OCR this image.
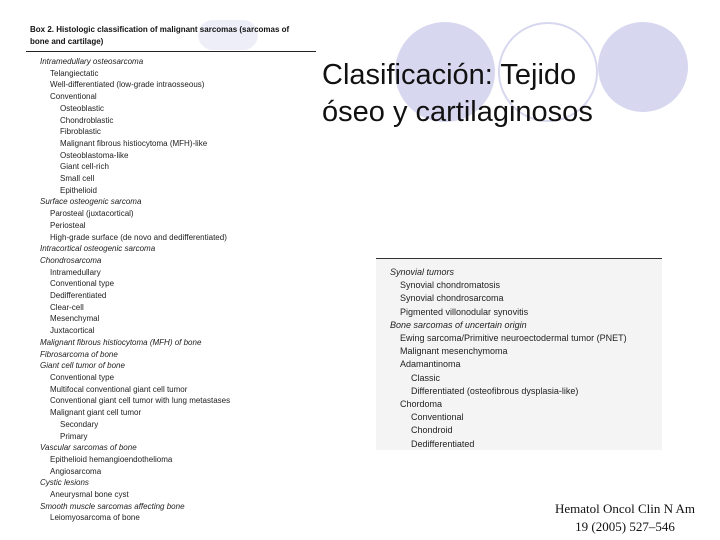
Box 2. Histologic classification of malignant sarcomas (sarcomas of bone and cartilage)
Intramedullary osteosarcoma
Telangiectatic
Well-differentiated (low-grade intraosseous)
Conventional
Osteoblastic
Chondroblastic
Fibroblastic
Malignant fibrous histiocytoma (MFH)-like
Osteoblastoma-like
Giant cell-rich
Small cell
Epithelioid
Surface osteogenic sarcoma
Parosteal (juxtacortical)
Periosteal
High-grade surface (de novo and dedifferentiated)
Intracortical osteogenic sarcoma
Chondrosarcoma
Intramedullary
Conventional type
Dedifferentiated
Clear-cell
Mesenchymal
Juxtacortical
Malignant fibrous histiocytoma (MFH) of bone
Fibrosarcoma of bone
Giant cell tumor of bone
Conventional type
Multifocal conventional giant cell tumor
Conventional giant cell tumor with lung metastases
Malignant giant cell tumor
Secondary
Primary
Vascular sarcomas of bone
Epithelioid hemangioendothelioma
Angiosarcoma
Cystic lesions
Aneurysmal bone cyst
Smooth muscle sarcomas affecting bone
Leiomyosarcoma of bone
Clasificación: Tejido
óseo y cartilaginosos
Synovial tumors
Synovial chondromatosis
Synovial chondrosarcoma
Pigmented villonodular synovitis
Bone sarcomas of uncertain origin
Ewing sarcoma/Primitive neuroectodermal tumor (PNET)
Malignant mesenchymoma
Adamantinoma
Classic
Differentiated (osteofibrous dysplasia-like)
Chordoma
Conventional
Chondroid
Dedifferentiated
Hematol Oncol Clin N Am
19 (2005) 527–546
